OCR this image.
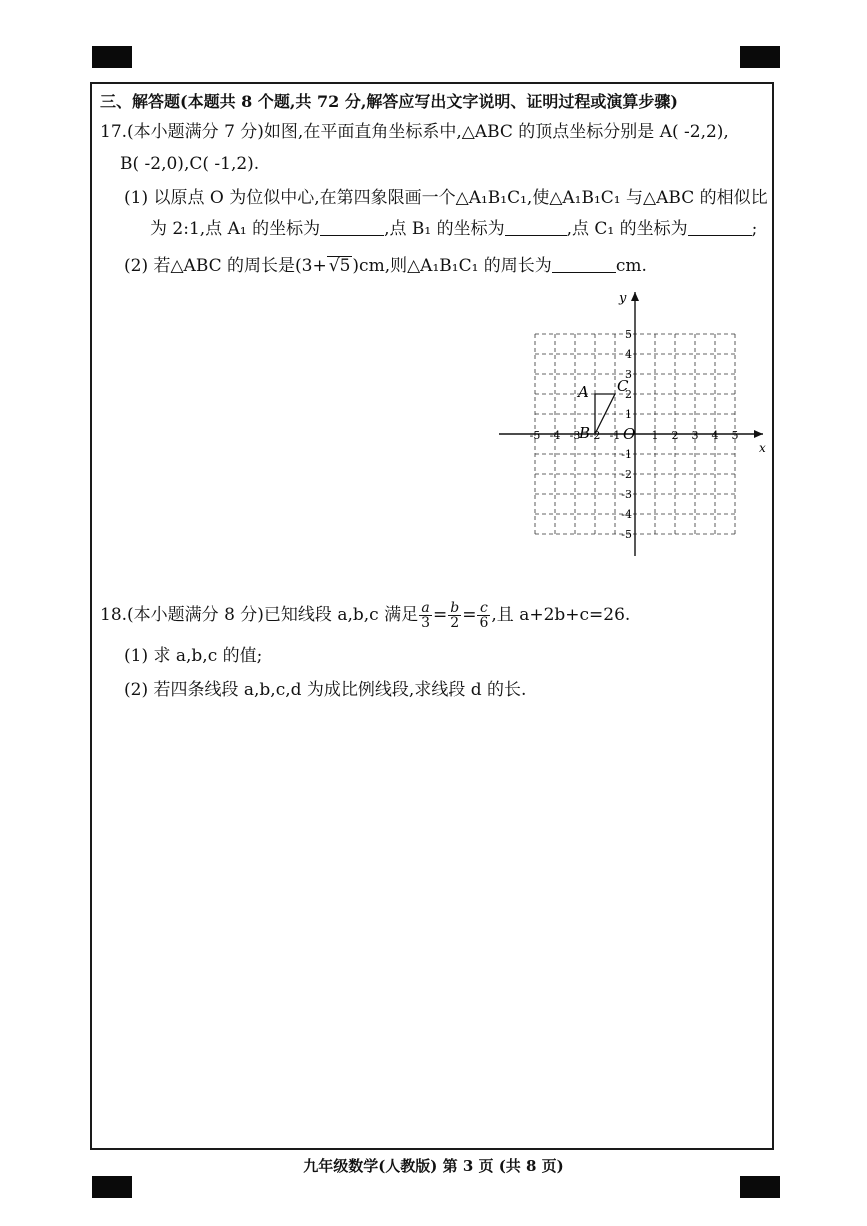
三、解答题(本题共 8 个题,共 72 分,解答应写出文字说明、证明过程或演算步骤)
17.(本小题满分 7 分)如图,在平面直角坐标系中,△ABC 的顶点坐标分别是 A( -2,2),
B( -2,0),C( -1,2).
(1) 以原点 O 为位似中心,在第四象限画一个△A₁B₁C₁,使△A₁B₁C₁ 与△ABC 的相似比
为 2:1,点 A₁ 的坐标为	,点 B₁ 的坐标为	,点 C₁ 的坐标为	;
(2) 若△ABC 的周长是(3+ √5 )cm,则△A₁B₁C₁ 的周长为	cm.
x
y
O
-5 -4 -3 -2 -1	1 2 3 4 5
5
4
3
2
1
-1
-2
-3
-4
-5
A
B
C
18.(本小题满分 8 分)已知线段 a,b,c 满足 $\frac{a}{3} = \frac{b}{2} = \frac{c}{6}$ ,且 a+2b+c=26.
(1) 求 a,b,c 的值;
(2) 若四条线段 a,b,c,d 为成比例线段,求线段 d 的长.
九年级数学(人教版) 第 3 页 (共 8 页)
